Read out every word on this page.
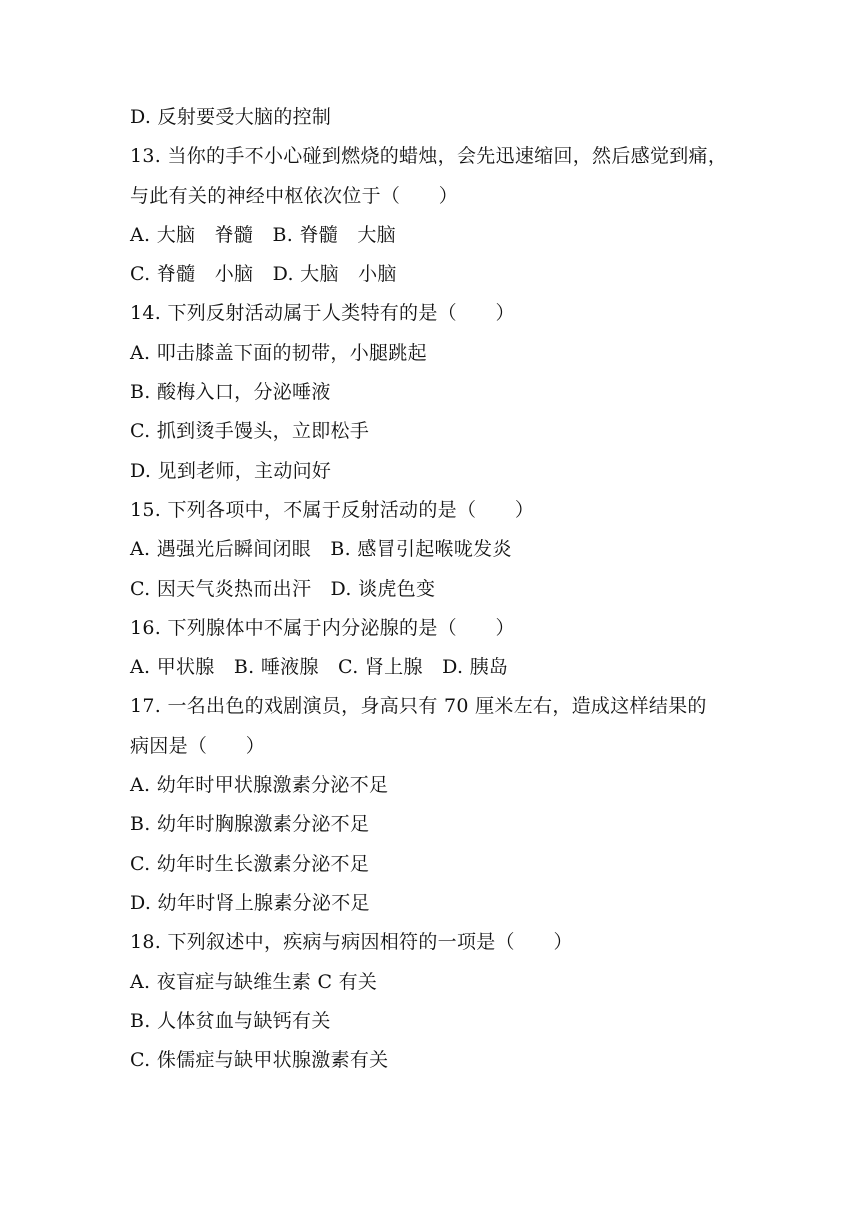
D. 反射要受大脑的控制
13. 当你的手不小心碰到燃烧的蜡烛，会先迅速缩回，然后感觉到痛，
与此有关的神经中枢依次位于（　　）
A. 大脑　脊髓　B. 脊髓　大脑
C. 脊髓　小脑　D. 大脑　小脑
14. 下列反射活动属于人类特有的是（　　）
A. 叩击膝盖下面的韧带，小腿跳起
B. 酸梅入口，分泌唾液
C. 抓到烫手馒头，立即松手
D. 见到老师，主动问好
15. 下列各项中，不属于反射活动的是（　　）
A. 遇强光后瞬间闭眼　B. 感冒引起喉咙发炎
C. 因天气炎热而出汗　D. 谈虎色变
16. 下列腺体中不属于内分泌腺的是（　　）
A. 甲状腺　B. 唾液腺　C. 肾上腺　D. 胰岛
17. 一名出色的戏剧演员，身高只有 70 厘米左右，造成这样结果的
病因是（　　）
A. 幼年时甲状腺激素分泌不足
B. 幼年时胸腺激素分泌不足
C. 幼年时生长激素分泌不足
D. 幼年时肾上腺素分泌不足
18. 下列叙述中，疾病与病因相符的一项是（　　）
A. 夜盲症与缺维生素 C 有关
B. 人体贫血与缺钙有关
C. 侏儒症与缺甲状腺激素有关
